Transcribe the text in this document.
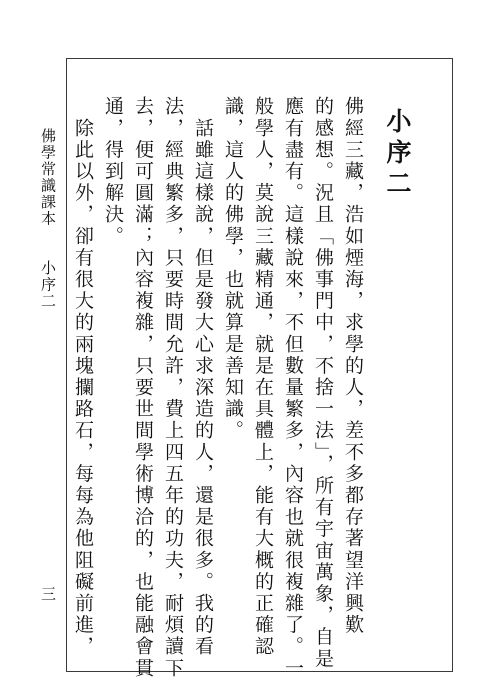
佛學常識課本　　小序二
三
小序二
佛經三藏，浩如煙海，求學的人，差不多都存著望洋興歎
的感想。況且「佛事門中，不捨一法」，所有宇宙萬象，自是
應有盡有。這樣說來，不但數量繁多，內容也就很複雜了。一
般學人，莫說三藏精通，就是在具體上，能有大概的正確認
識，這人的佛學，也就算是善知識。
　話雖這樣說，但是發大心求深造的人，還是很多。我的看
法，經典繁多，只要時間允許，費上四五年的功夫，耐煩讀下
去，便可圓滿；內容複雜，只要世間學術博洽的，也能融會貫
通，得到解決。
　除此以外，卻有很大的兩塊攔路石，每每為他阻礙前進，
